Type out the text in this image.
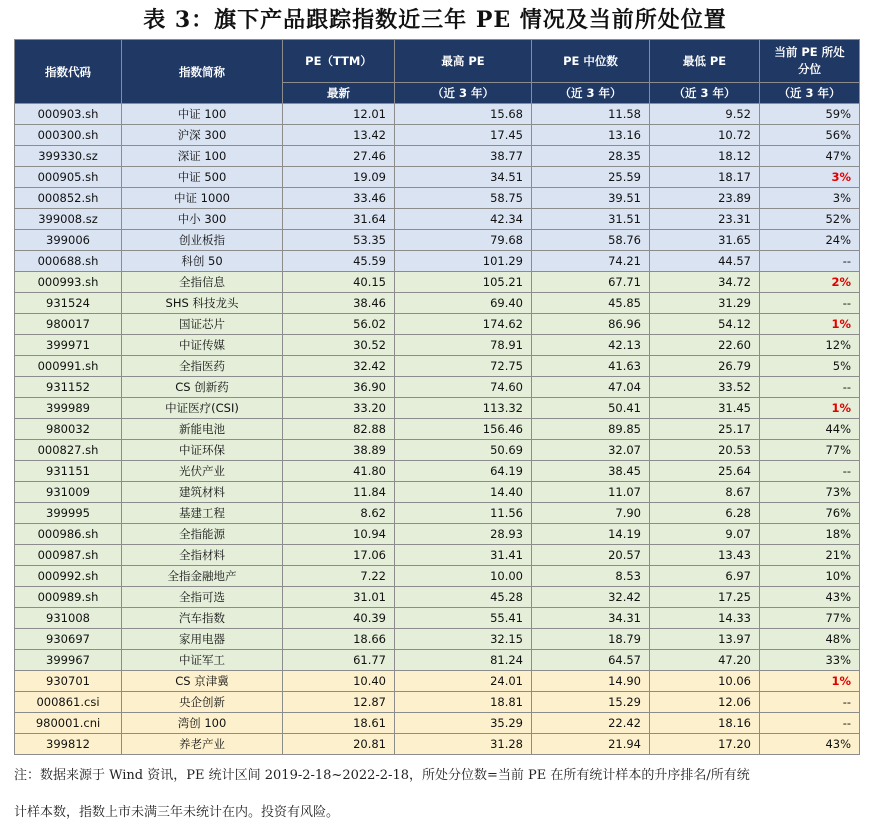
表 3：旗下产品跟踪指数近三年 PE 情况及当前所处位置
指数代码	指数简称	PE（TTM）	最高 PE	PE 中位数	最低 PE	当前 PE 所处
分位
		最新	（近 3 年）	（近 3 年）	（近 3 年）	（近 3 年）
000903.sh	中证 100	12.01	15.68	11.58	9.52	59%
000300.sh	沪深 300	13.42	17.45	13.16	10.72	56%
399330.sz	深证 100	27.46	38.77	28.35	18.12	47%
000905.sh	中证 500	19.09	34.51	25.59	18.17	3%
000852.sh	中证 1000	33.46	58.75	39.51	23.89	3%
399008.sz	中小 300	31.64	42.34	31.51	23.31	52%
399006	创业板指	53.35	79.68	58.76	31.65	24%
000688.sh	科创 50	45.59	101.29	74.21	44.57	--
000993.sh	全指信息	40.15	105.21	67.71	34.72	2%
931524	SHS 科技龙头	38.46	69.40	45.85	31.29	--
980017	国证芯片	56.02	174.62	86.96	54.12	1%
399971	中证传媒	30.52	78.91	42.13	22.60	12%
000991.sh	全指医药	32.42	72.75	41.63	26.79	5%
931152	CS 创新药	36.90	74.60	47.04	33.52	--
399989	中证医疗(CSI)	33.20	113.32	50.41	31.45	1%
980032	新能电池	82.88	156.46	89.85	25.17	44%
000827.sh	中证环保	38.89	50.69	32.07	20.53	77%
931151	光伏产业	41.80	64.19	38.45	25.64	--
931009	建筑材料	11.84	14.40	11.07	8.67	73%
399995	基建工程	8.62	11.56	7.90	6.28	76%
000986.sh	全指能源	10.94	28.93	14.19	9.07	18%
000987.sh	全指材料	17.06	31.41	20.57	13.43	21%
000992.sh	全指金融地产	7.22	10.00	8.53	6.97	10%
000989.sh	全指可选	31.01	45.28	32.42	17.25	43%
931008	汽车指数	40.39	55.41	34.31	14.33	77%
930697	家用电器	18.66	32.15	18.79	13.97	48%
399967	中证军工	61.77	81.24	64.57	47.20	33%
930701	CS 京津冀	10.40	24.01	14.90	10.06	1%
000861.csi	央企创新	12.87	18.81	15.29	12.06	--
980001.cni	湾创 100	18.61	35.29	22.42	18.16	--
399812	养老产业	20.81	31.28	21.94	17.20	43%
注：数据来源于 Wind 资讯，PE 统计区间 2019-2-18~2022-2-18，所处分位数=当前 PE 在所有统计样本的升序排名/所有统
计样本数，指数上市未满三年未统计在内。投资有风险。
